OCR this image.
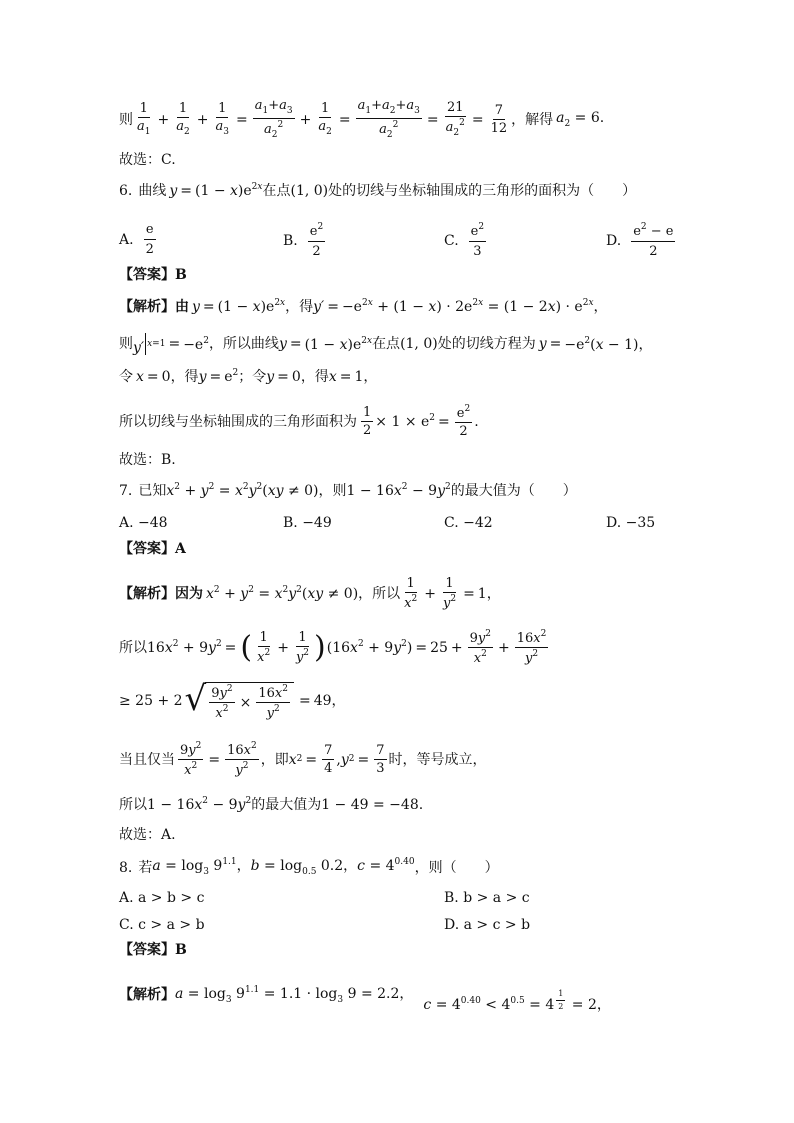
则 $\frac{1}{a_1} + \frac{1}{a_2} + \frac{1}{a_3} = \frac{a_1+a_3}{a_2^2} + \frac{1}{a_2} = \frac{a_1+a_2+a_3}{a_2^2} = \frac{21}{a_2^2} = \frac{7}{12}$ ，解得 $a_2 = 6$.
故选：C.
6. 曲线 $y = (1 - x)e^{2x}$ 在点 (1, 0) 处的切线与坐标轴围成的三角形的面积为（　　）
A. $\frac{e}{2}$	B. $\frac{e^2}{2}$	C. $\frac{e^2}{3}$	D. $\frac{e^2 - e}{2}$
【答案】B
【解析】由 $y = (1 - x)e^{2x}$ ，得 $y' = -e^{2x} + (1 - x) \cdot 2e^{2x} = (1 - 2x) \cdot e^{2x}$，
则 y′ $x=1 = -e^2$ ，所以曲线 $y = (1 - x)e^{2x}$ 在点 (1, 0) 处的切线方程为 $y = -e^2(x - 1)$，
令 x = 0 ，得 $y = e^2$ ；令 y = 0 ，得 x = 1，
所以切线与坐标轴围成的三角形面积为 $\frac{1}{2} \times 1 \times e^2 = \frac{e^2}{2}$ .
故选：B.
7. 已知 $x^2 + y^2 = x^2y^2(xy \ne 0)$ ，则 $1 - 16x^2 - 9y^2$ 的最大值为（　　）
A. −48	B. −49	C. −42	D. −35
【答案】A
【解析】因为 $x^2 + y^2 = x^2y^2(xy \ne 0)$ ，所以 $\frac{1}{x^2} + \frac{1}{y^2} = 1$，
所以 $16x^2 + 9y^2$ = ( $\frac{1}{x^2} + \frac{1}{y^2}$ ) $(16x^2 + 9y^2) = 25 + \frac{9y^2}{x^2} + \frac{16x^2}{y^2}$
≥ 25 + 2 √ $\frac{9y^2}{x^2} \times \frac{16x^2}{y^2} = 49$，
当且仅当 $\frac{9y^2}{x^2} = \frac{16x^2}{y^2}$ ，即 x $2 = \frac{7}{4}$ , y $2 = \frac{7}{3}$ 时，等号成立，
所以 $1 - 16x^2 - 9y^2$ 的最大值为 1 − 49 = −48.
故选：A.
8. 若 $a = \log_3 9^{1.1}$，$b = \log_{0.5} 0.2$，$c = 4^{0.40}$ ，则（　　）
A. a > b > c	B. b > a > c
C. c > a > b	D. a > c > b
【答案】B
【解析】 $a = \log_3 9^{1.1} = 1.1 \cdot \log_3 9 = 2.2$，
$c = 4^{0.40} < 4^{0.5} = 4$ $^{\frac{1}{2}}$ = 2，
